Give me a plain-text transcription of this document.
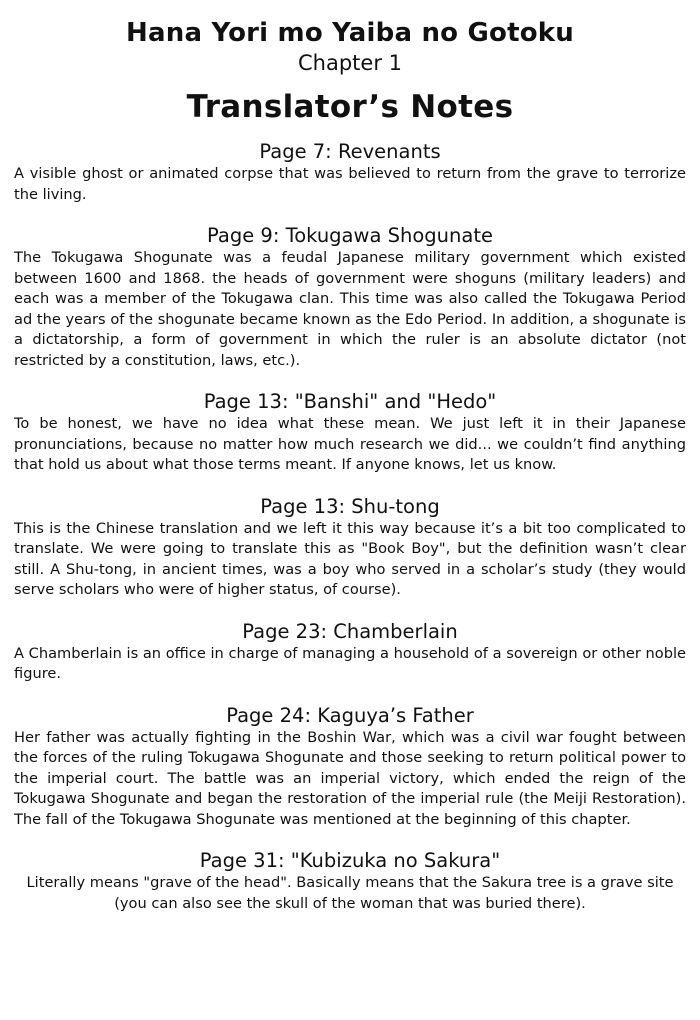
Hana Yori mo Yaiba no Gotoku
Chapter 1
Translator’s Notes
Page 7: Revenants

A visible ghost or animated corpse that was believed to return from the grave to terrorize the living.

Page 9: Tokugawa Shogunate

The Tokugawa Shogunate was a feudal Japanese military government which existed between 1600 and 1868. the heads of government were shoguns (military leaders) and each was a member of the Tokugawa clan. This time was also called the Tokugawa Period ad the years of the shogunate became known as the Edo Period. In addition, a shogunate is a dictatorship, a form of government in which the ruler is an absolute dictator (not restricted by a constitution, laws, etc.).

Page 13: "Banshi" and "Hedo"

To be honest, we have no idea what these mean. We just left it in their Japanese pronunciations, because no matter how much research we did... we couldn’t find anything that hold us about what those terms meant. If anyone knows, let us know.

Page 13: Shu-tong

This is the Chinese translation and we left it this way because it’s a bit too complicated to translate. We were going to translate this as "Book Boy", but the definition wasn’t clear still. A Shu-tong, in ancient times, was a boy who served in a scholar’s study (they would serve scholars who were of higher status, of course).

Page 23: Chamberlain

A Chamberlain is an office in charge of managing a household of a sovereign or other noble figure.

Page 24: Kaguya’s Father

Her father was actually fighting in the Boshin War, which was a civil war fought between the forces of the ruling Tokugawa Shogunate and those seeking to return political power to the imperial court. The battle was an imperial victory, which ended the reign of the Tokugawa Shogunate and began the restoration of the imperial rule (the Meiji Restoration). The fall of the Tokugawa Shogunate was mentioned at the beginning of this chapter.

Page 31: "Kubizuka no Sakura"

Literally means "grave of the head". Basically means that the Sakura tree is a grave site (you can also see the skull of the woman that was buried there).
